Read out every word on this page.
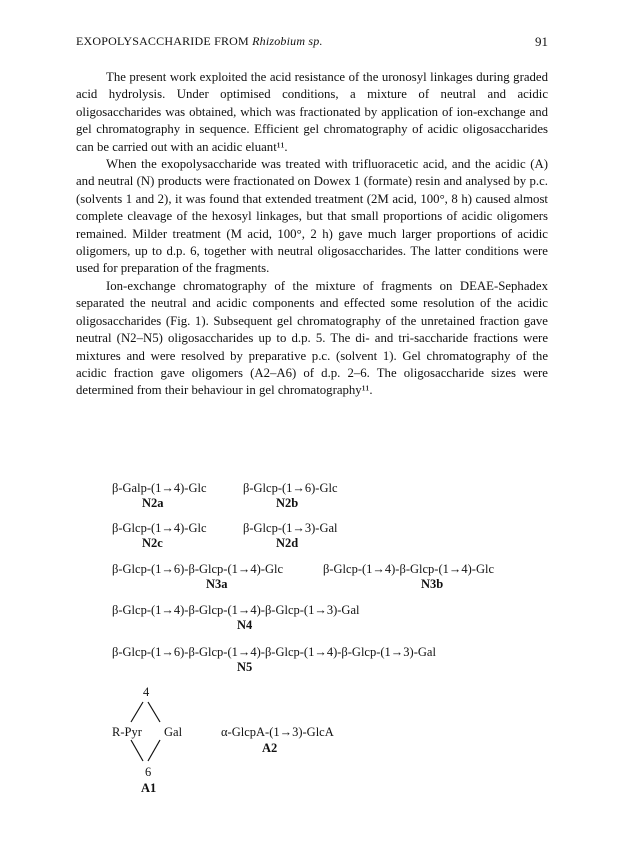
EXOPOLYSACCHARIDE FROM Rhizobium sp.	91

The present work exploited the acid resistance of the uronosyl linkages during graded acid hydrolysis. Under optimised conditions, a mixture of neutral and acidic oligosaccharides was obtained, which was fractionated by application of ion-exchange and gel chromatography in sequence. Efficient gel chromatography of acidic oligosaccharides can be carried out with an acidic eluant¹¹.

When the exopolysaccharide was treated with trifluoracetic acid, and the acidic (A) and neutral (N) products were fractionated on Dowex 1 (formate) resin and analysed by p.c. (solvents 1 and 2), it was found that extended treatment (2M acid, 100°, 8 h) caused almost complete cleavage of the hexosyl linkages, but that small proportions of acidic oligomers remained. Milder treatment (M acid, 100°, 2 h) gave much larger proportions of acidic oligomers, up to d.p. 6, together with neutral oligosaccharides. The latter conditions were used for preparation of the fragments.

Ion-exchange chromatography of the mixture of fragments on DEAE-Sephadex separated the neutral and acidic components and effected some resolution of the acidic oligosaccharides (Fig. 1). Subsequent gel chromatography of the unretained fraction gave neutral (N2–N5) oligosaccharides up to d.p. 5. The di- and tri-saccharide fractions were mixtures and were resolved by preparative p.c. (solvent 1). Gel chromatography of the acidic fraction gave oligomers (A2–A6) of d.p. 2–6. The oligosaccharide sizes were determined from their behaviour in gel chromatography¹¹.

β-Galp-(1→4)-Glc
N2a
β-Glcp-(1→6)-Glc
N2b
β-Glcp-(1→4)-Glc
N2c
β-Glcp-(1→3)-Gal
N2d
β-Glcp-(1→6)-β-Glcp-(1→4)-Glc
N3a
β-Glcp-(1→4)-β-Glcp-(1→4)-Glc
N3b
β-Glcp-(1→4)-β-Glcp-(1→4)-β-Glcp-(1→3)-Gal
N4
β-Glcp-(1→6)-β-Glcp-(1→4)-β-Glcp-(1→4)-β-Glcp-(1→3)-Gal
N5
4
R-Pyr Gal
6
A1
α-GlcpA-(1→3)-GlcA
A2
